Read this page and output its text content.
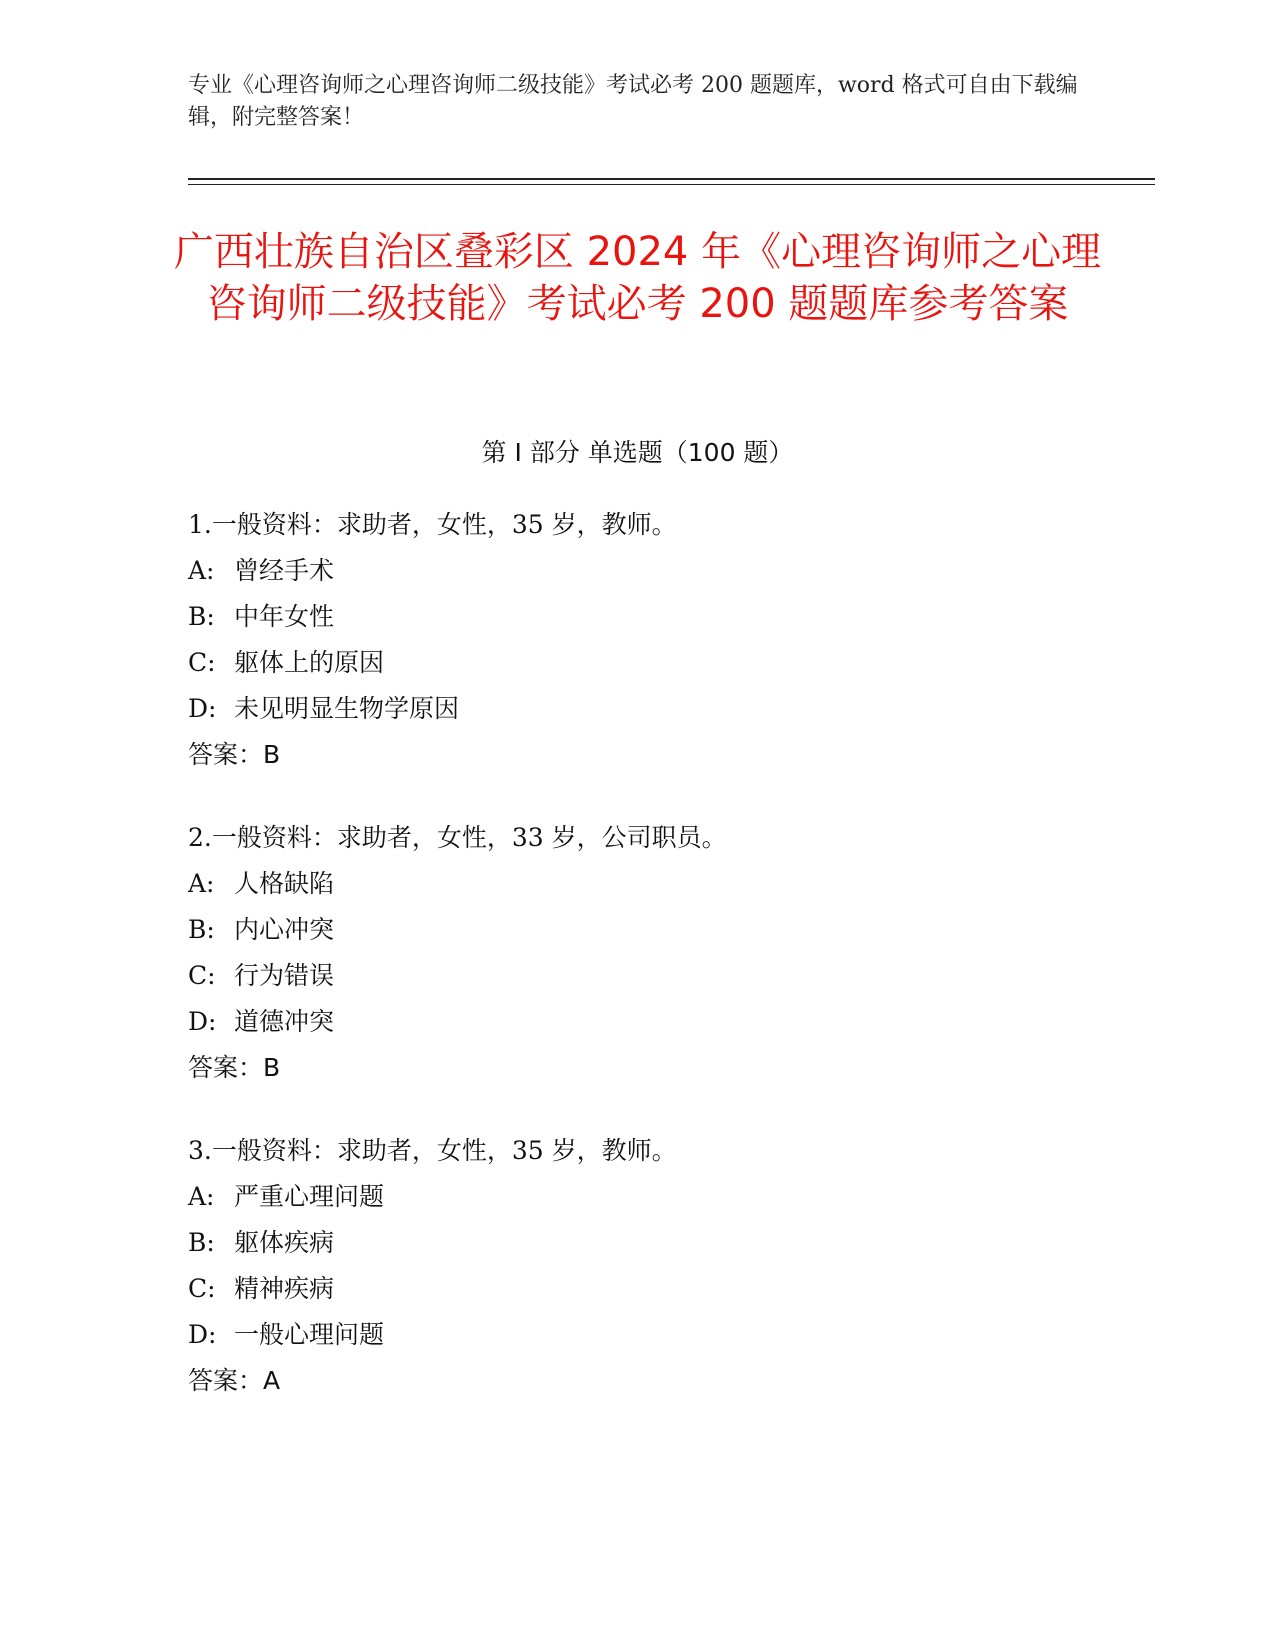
专业《心理咨询师之心理咨询师二级技能》考试必考 200 题题库，word 格式可自由下载编辑，附完整答案！
广西壮族自治区叠彩区 2024 年《心理咨询师之心理咨询师二级技能》考试必考 200 题题库参考答案
第 I 部分 单选题（100 题）
1.一般资料：求助者，女性，35 岁，教师。
A: 曾经手术
B: 中年女性
C: 躯体上的原因
D: 未见明显生物学原因
答案：B
2.一般资料：求助者，女性，33 岁，公司职员。
A: 人格缺陷
B: 内心冲突
C: 行为错误
D: 道德冲突
答案：B
3.一般资料：求助者，女性，35 岁，教师。
A: 严重心理问题
B: 躯体疾病
C: 精神疾病
D: 一般心理问题
答案：A
